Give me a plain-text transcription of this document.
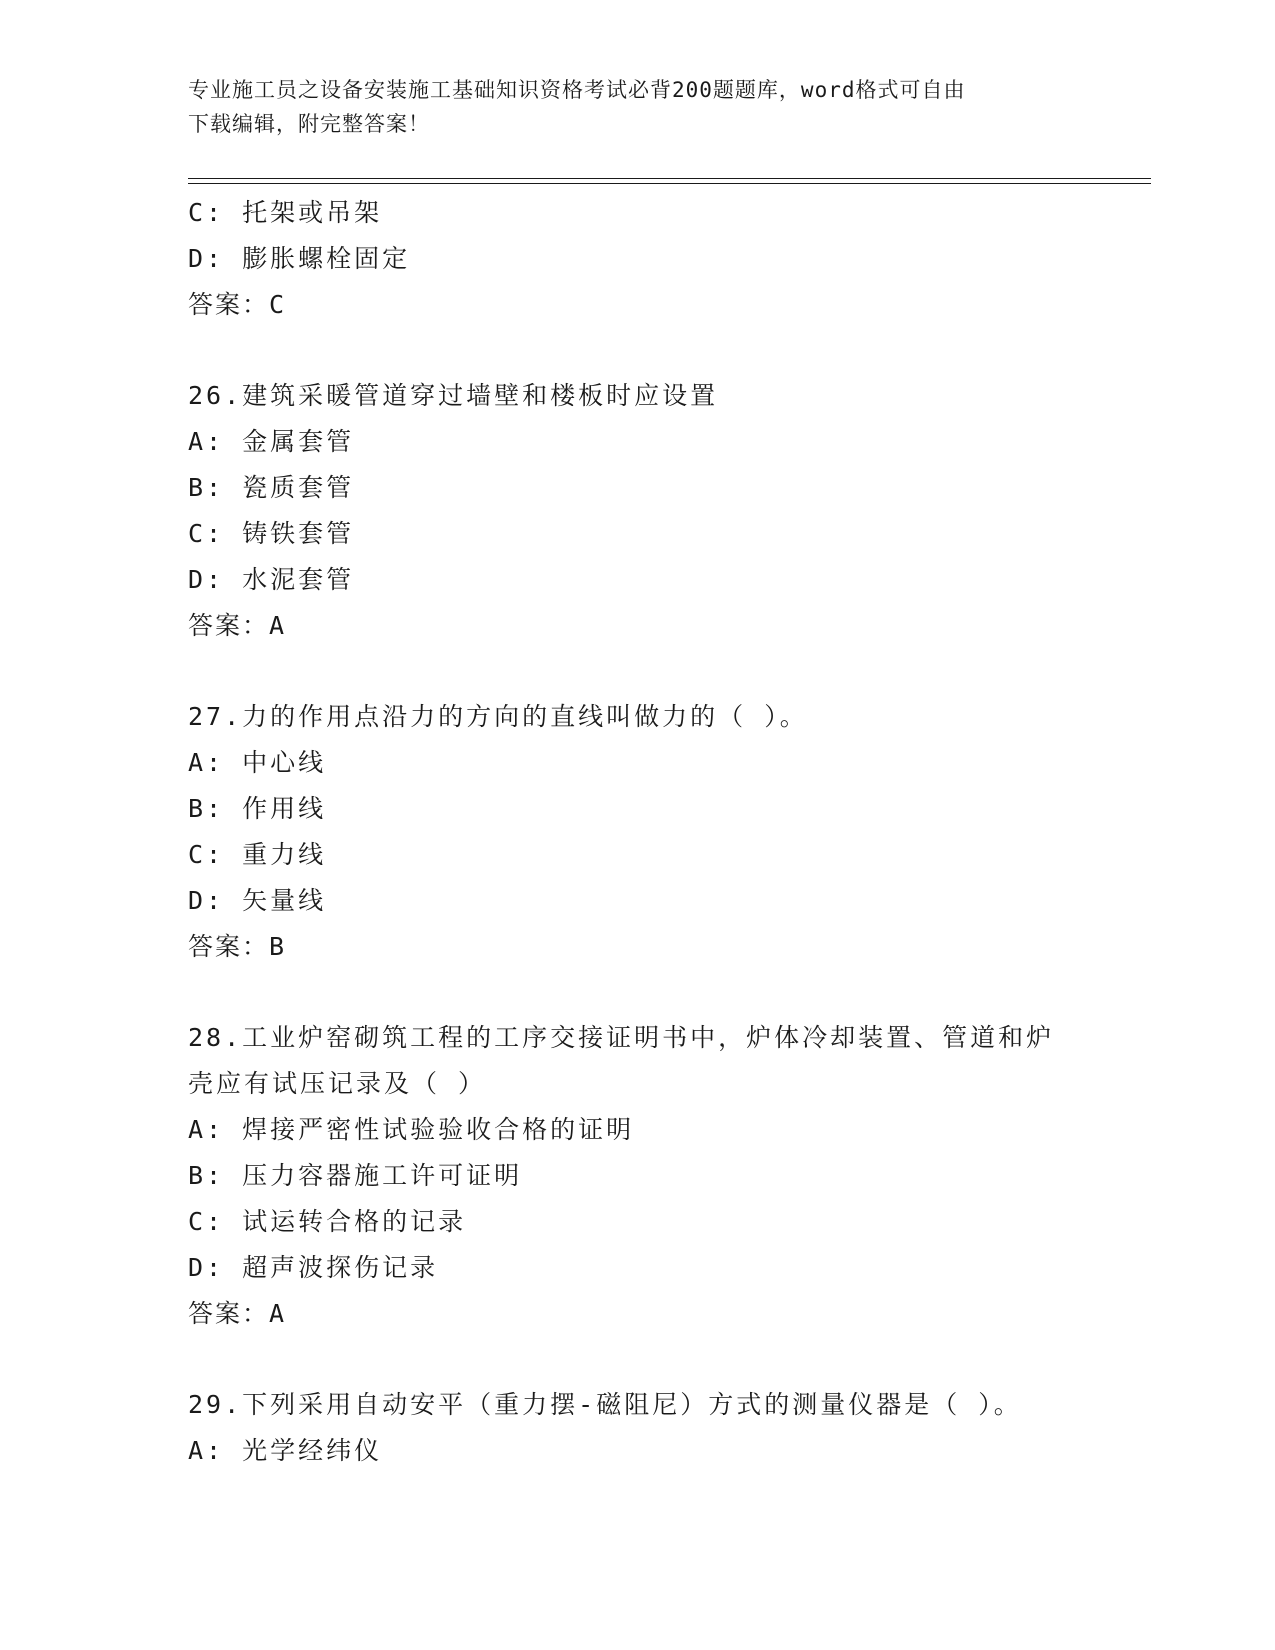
专业施工员之设备安装施工基础知识资格考试必背200题题库，word格式可自由
下载编辑，附完整答案！
C: 托架或吊架
D: 膨胀螺栓固定
答案：C
26.建筑采暖管道穿过墙壁和楼板时应设置
A: 金属套管
B: 瓷质套管
C: 铸铁套管
D: 水泥套管
答案：A
27.力的作用点沿力的方向的直线叫做力的（ ）。
A: 中心线
B: 作用线
C: 重力线
D: 矢量线
答案：B
28.工业炉窑砌筑工程的工序交接证明书中，炉体冷却装置、管道和炉
壳应有试压记录及（ ）
A: 焊接严密性试验验收合格的证明
B: 压力容器施工许可证明
C: 试运转合格的记录
D: 超声波探伤记录
答案：A
29.下列采用自动安平（重力摆-磁阻尼）方式的测量仪器是（ ）。
A: 光学经纬仪
